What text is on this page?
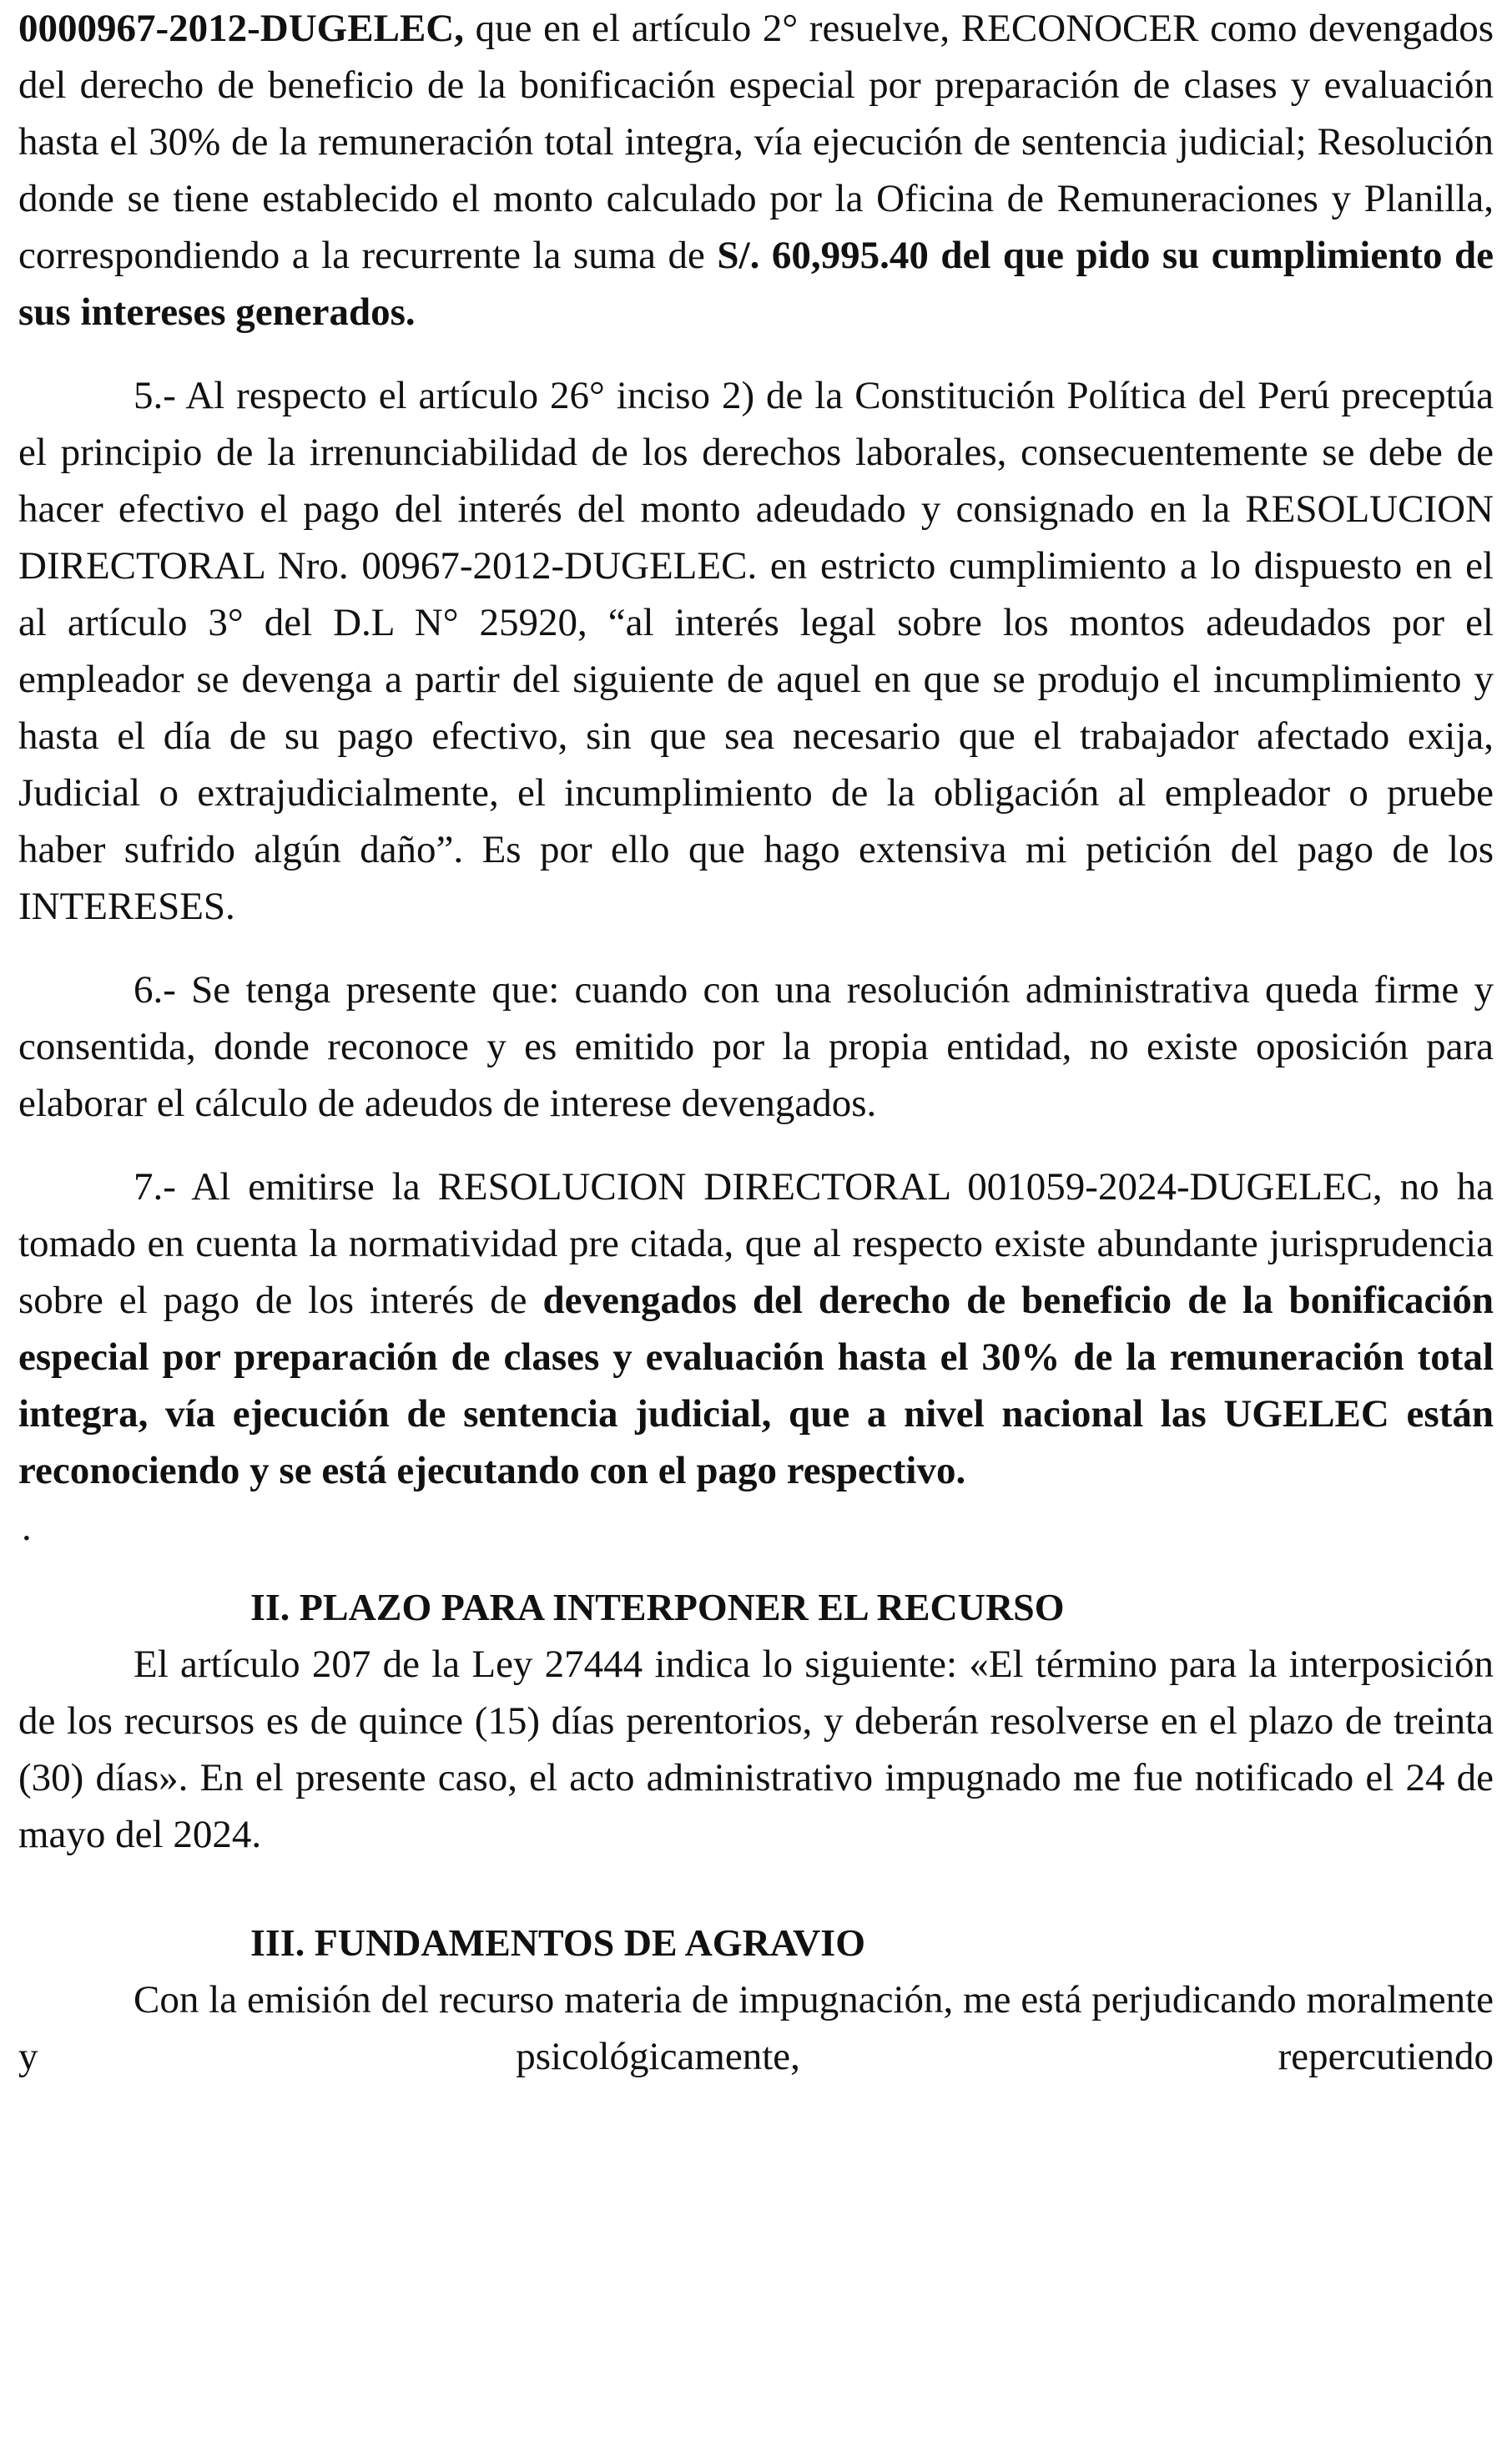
0000967-2012-DUGELEC, que en el artículo 2° resuelve, RECONOCER como devengados del derecho de beneficio de la bonificación especial por preparación de clases y evaluación hasta el 30% de la remuneración total integra, vía ejecución de sentencia judicial; Resolución donde se tiene establecido el monto calculado por la Oficina de Remuneraciones y Planilla, correspondiendo a la recurrente la suma de S/. 60,995.40 del que pido su cumplimiento de sus intereses generados.

5.- Al respecto el artículo 26° inciso 2) de la Constitución Política del Perú preceptúa el principio de la irrenunciabilidad de los derechos laborales, consecuentemente se debe de hacer efectivo el pago del interés del monto adeudado y consignado en la RESOLUCION DIRECTORAL Nro. 00967-2012-DUGELEC. en estricto cumplimiento a lo dispuesto en el al artículo 3° del D.L N° 25920, “al interés legal sobre los montos adeudados por el empleador se devenga a partir del siguiente de aquel en que se produjo el incumplimiento y hasta el día de su pago efectivo, sin que sea necesario que el trabajador afectado exija, Judicial o extrajudicialmente, el incumplimiento de la obligación al empleador o pruebe haber sufrido algún daño”. Es por ello que hago extensiva mi petición del pago de los INTERESES.

6.- Se tenga presente que: cuando con una resolución administrativa queda firme y consentida, donde reconoce y es emitido por la propia entidad, no existe oposición para elaborar el cálculo de adeudos de interese devengados.

7.- Al emitirse la RESOLUCION DIRECTORAL 001059-2024-DUGELEC, no ha tomado en cuenta la normatividad pre citada, que al respecto existe abundante jurisprudencia sobre el pago de los interés de devengados del derecho de beneficio de la bonificación especial por preparación de clases y evaluación hasta el 30% de la remuneración total integra, vía ejecución de sentencia judicial, que a nivel nacional las UGELEC están reconociendo y se está ejecutando con el pago respectivo.

.

II. PLAZO PARA INTERPONER EL RECURSO

El artículo 207 de la Ley 27444 indica lo siguiente: «El término para la interposición de los recursos es de quince (15) días perentorios, y deberán resolverse en el plazo de treinta (30) días». En el presente caso, el acto administrativo impugnado me fue notificado el 24 de mayo del 2024.

III. FUNDAMENTOS DE AGRAVIO

Con la emisión del recurso materia de impugnación, me está perjudicando moralmente y psicológicamente, repercutiendo
